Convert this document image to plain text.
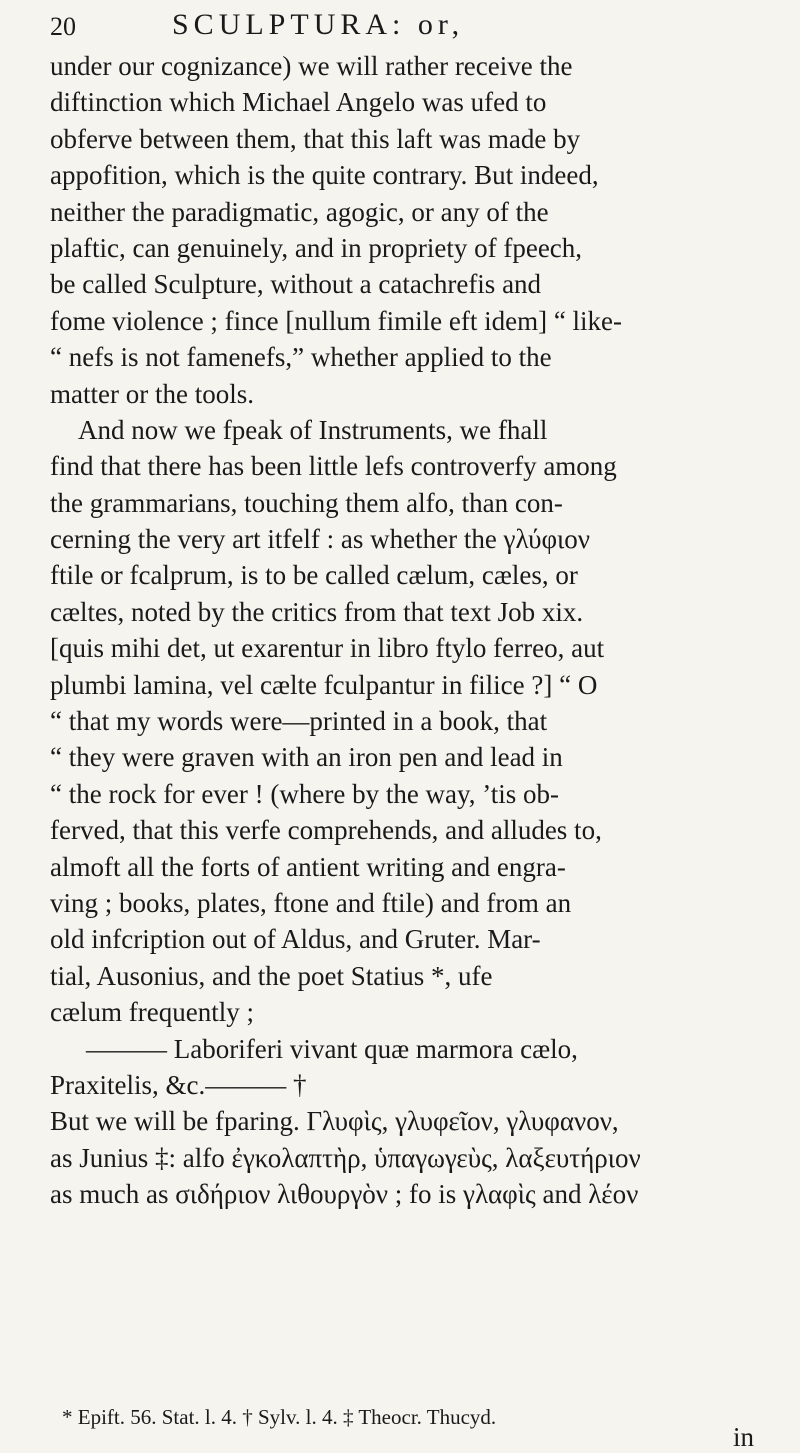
20	SCULPTURA: or,
under our cognizance) we will rather receive the
diftinction which Michael Angelo was ufed to
obferve between them, that this laft was made by
appofition, which is the quite contrary. But indeed,
neither the paradigmatic, agogic, or any of the
plaftic, can genuinely, and in propriety of fpeech,
be called Sculpture, without a catachrefis and
fome violence ; fince [nullum fimile eft idem] “ like-
“ nefs is not famenefs,” whether applied to the
matter or the tools.
And now we fpeak of Instruments, we fhall
find that there has been little lefs controverfy among
the grammarians, touching them alfo, than con-
cerning the very art itfelf : as whether the γλύφιον
ftile or fcalprum, is to be called cælum, cæles, or
cæltes, noted by the critics from that text Job xix.
[quis mihi det, ut exarentur in libro ftylo ferreo, aut
plumbi lamina, vel cælte fculpantur in filice ?] “ O
“ that my words were—printed in a book, that
“ they were graven with an iron pen and lead in
“ the rock for ever ! (where by the way, ’tis ob-
ferved, that this verfe comprehends, and alludes to,
almoft all the forts of antient writing and engra-
ving ; books, plates, ftone and ftile) and from an
old infcription out of Aldus, and Gruter. Mar-
tial, Ausonius, and the poet Statius *, ufe
cælum frequently ;
——— Laboriferi vivant quæ marmora cælo,
Praxitelis, &c.——— †
But we will be fparing. Γλυφὶς, γλυφεῖον, γλυφανον,
as Junius ‡: alfo ἐγκολαπτὴρ, ὑπαγωγεὺς, λαξευτήριον
as much as σιδήριον λιθουργὸν ; fo is γλαφὶς and λέον
* Epift. 56. Stat. l. 4. † Sylv. l. 4. ‡ Theocr. Thucyd.
in
